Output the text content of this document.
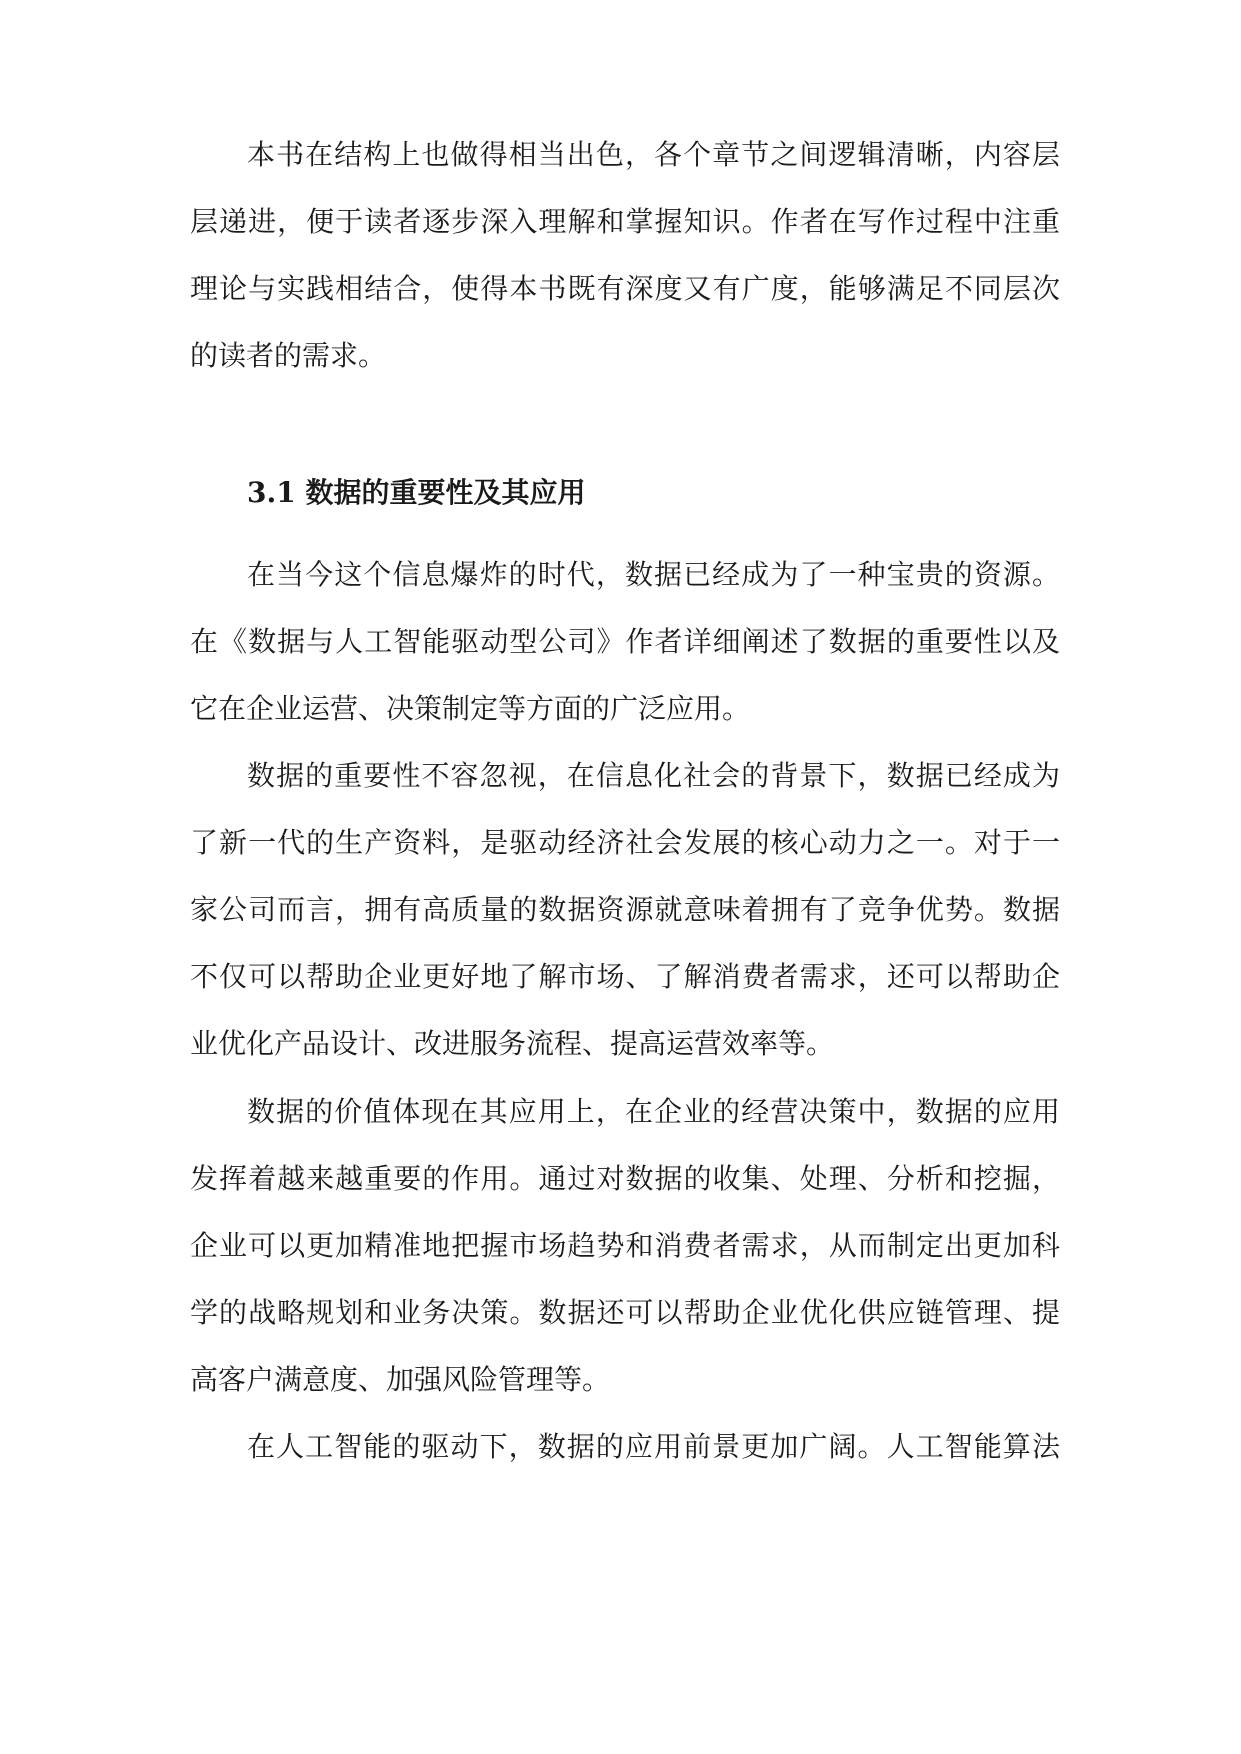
本书在结构上也做得相当出色，各个章节之间逻辑清晰，内容层
层递进，便于读者逐步深入理解和掌握知识。作者在写作过程中注重
理论与实践相结合，使得本书既有深度又有广度，能够满足不同层次
的读者的需求。
3.1 数据的重要性及其应用
在当今这个信息爆炸的时代，数据已经成为了一种宝贵的资源。
在《数据与人工智能驱动型公司》作者详细阐述了数据的重要性以及
它在企业运营、决策制定等方面的广泛应用。
数据的重要性不容忽视，在信息化社会的背景下，数据已经成为
了新一代的生产资料，是驱动经济社会发展的核心动力之一。对于一
家公司而言，拥有高质量的数据资源就意味着拥有了竞争优势。数据
不仅可以帮助企业更好地了解市场、了解消费者需求，还可以帮助企
业优化产品设计、改进服务流程、提高运营效率等。
数据的价值体现在其应用上，在企业的经营决策中，数据的应用
发挥着越来越重要的作用。通过对数据的收集、处理、分析和挖掘，
企业可以更加精准地把握市场趋势和消费者需求，从而制定出更加科
学的战略规划和业务决策。数据还可以帮助企业优化供应链管理、提
高客户满意度、加强风险管理等。
在人工智能的驱动下，数据的应用前景更加广阔。人工智能算法
